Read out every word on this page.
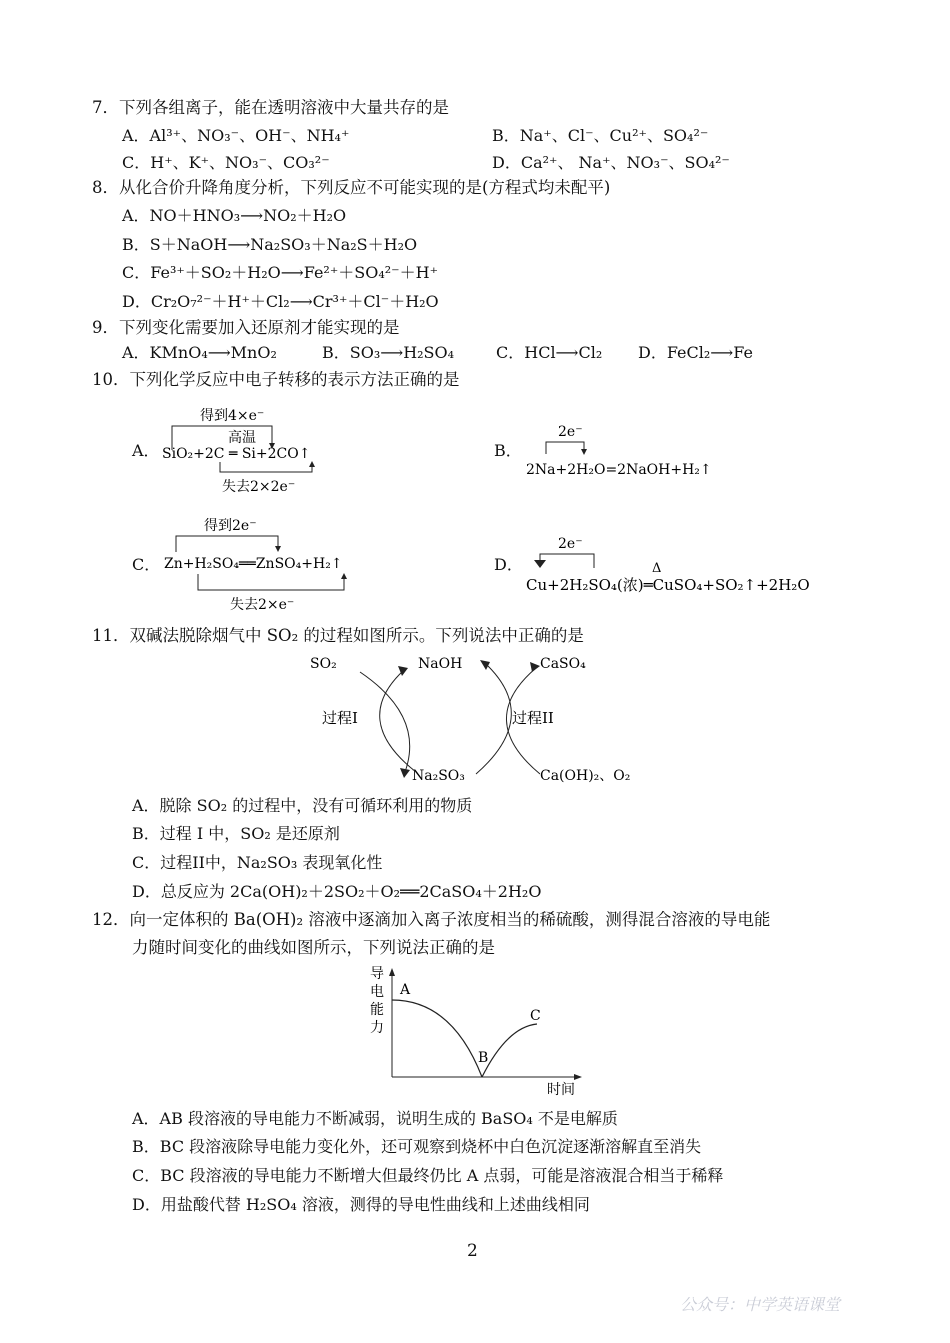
7．下列各组离子，能在透明溶液中大量共存的是
A．Al³⁺、NO₃⁻、OH⁻、NH₄⁺	B．Na⁺、Cl⁻、Cu²⁺、SO₄²⁻
C．H⁺、K⁺、NO₃⁻、CO₃²⁻	D．Ca²⁺、 Na⁺、NO₃⁻、SO₄²⁻
8．从化合价升降角度分析，下列反应不可能实现的是(方程式均未配平)
A．NO＋HNO₃⟶NO₂＋H₂O
B．S＋NaOH⟶Na₂SO₃＋Na₂S＋H₂O
C．Fe³⁺＋SO₂＋H₂O⟶Fe²⁺＋SO₄²⁻＋H⁺
D．Cr₂O₇²⁻＋H⁺＋Cl₂⟶Cr³⁺＋Cl⁻＋H₂O
9．下列变化需要加入还原剂才能实现的是
A．KMnO₄⟶MnO₂	B．SO₃⟶H₂SO₄	C．HCl⟶Cl₂ D．FeCl₂⟶Fe
10．下列化学反应中电子转移的表示方法正确的是
A．
得到4×e⁻
高温
SiO₂+2C ═ Si+2CO↑
失去2×2e⁻
B．
2e⁻
2Na+2H₂O=2NaOH+H₂↑
C．
得到2e⁻
Zn+H₂SO₄══ZnSO₄+H₂↑
失去2×e⁻
D．
2e⁻
Δ
Cu+2H₂SO₄(浓)═CuSO₄+SO₂↑+2H₂O
11．双碱法脱除烟气中 SO₂ 的过程如图所示。下列说法中正确的是
SO₂	NaOH	CaSO₄
过程I	过程II
Na₂SO₃	Ca(OH)₂、O₂
A．脱除 SO₂ 的过程中，没有可循环利用的物质
B．过程 I 中，SO₂ 是还原剂
C．过程II中，Na₂SO₃ 表现氧化性
D．总反应为 2Ca(OH)₂＋2SO₂＋O₂══2CaSO₄＋2H₂O
12．向一定体积的 Ba(OH)₂ 溶液中逐滴加入离子浓度相当的稀硫酸，测得混合溶液的导电能
力随时间变化的曲线如图所示，下列说法正确的是
导
电
能
力
时间
A
B
C
A．AB 段溶液的导电能力不断减弱，说明生成的 BaSO₄ 不是电解质
B．BC 段溶液除导电能力变化外，还可观察到烧杯中白色沉淀逐渐溶解直至消失
C．BC 段溶液的导电能力不断增大但最终仍比 A 点弱，可能是溶液混合相当于稀释
D．用盐酸代替 H₂SO₄ 溶液，测得的导电性曲线和上述曲线相同
2
公众号：中学英语课堂
